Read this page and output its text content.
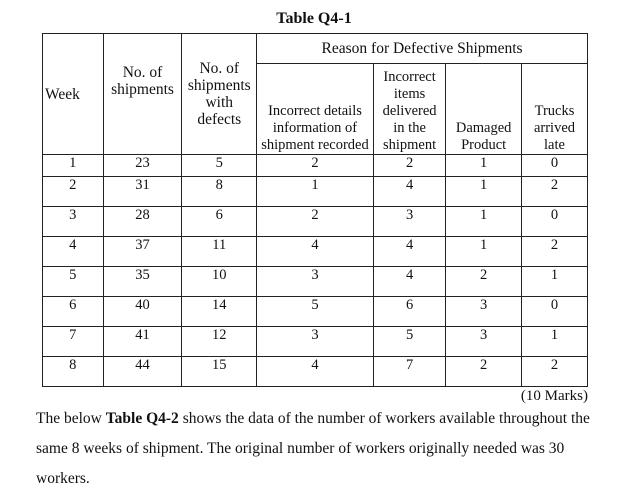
Table Q4-1
Week	No. of shipments	No. of shipments with defects	Reason for Defective Shipments			
			Incorrect details information of shipment recorded	Incorrect items delivered in the shipment	Damaged Product	Trucks arrived late
1	23	5	2	2	1	0
2	31	8	1	4	1	2
3	28	6	2	3	1	0
4	37	11	4	4	1	2
5	35	10	3	4	2	1
6	40	14	5	6	3	0
7	41	12	3	5	3	1
8	44	15	4	7	2	2
(10 Marks)

The below Table Q4-2 shows the data of the number of workers available throughout the same 8 weeks of shipment. The original number of workers originally needed was 30 workers.
